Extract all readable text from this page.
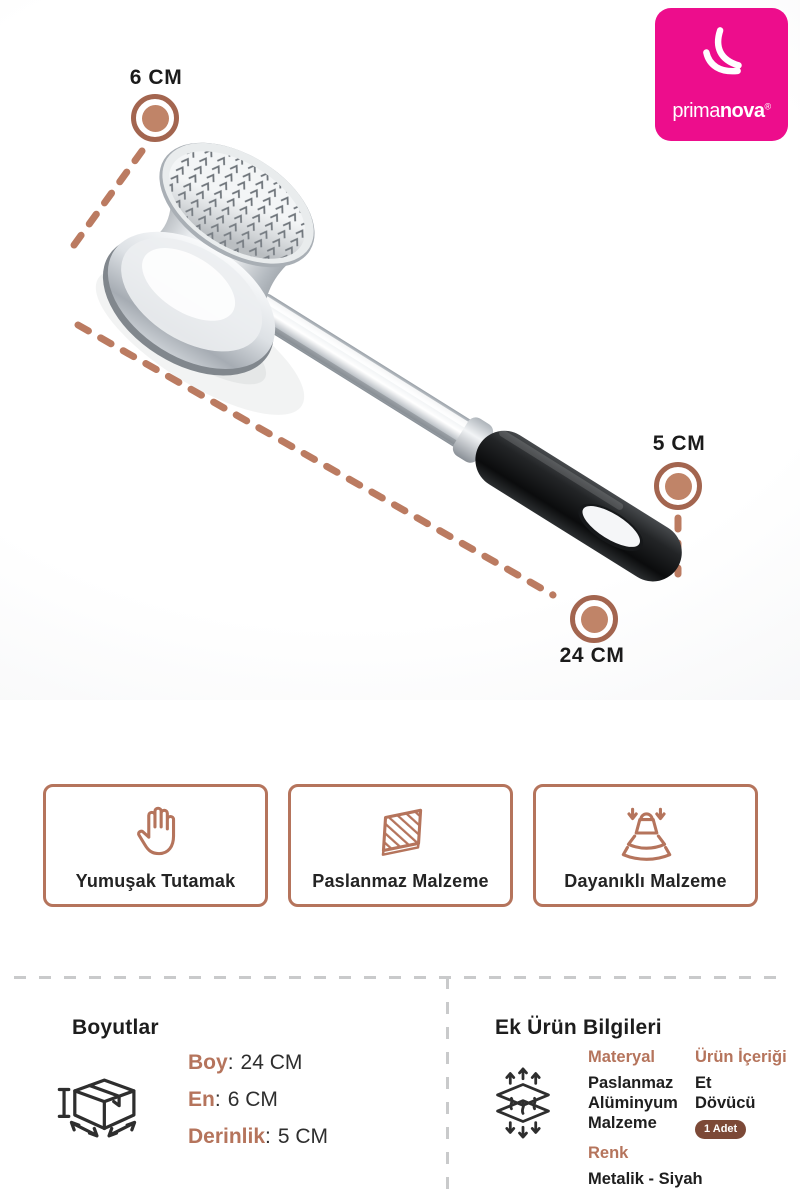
primanova®
6 CM
5 CM
24 CM
Yumuşak Tutamak	Paslanmaz Malzeme	Dayanıklı Malzeme
Boyutlar
Boy: 24 CM
En: 6 CM
Derinlik: 5 CM
Ek Ürün Bilgileri
Materyal
Paslanmaz Alüminyum Malzeme
Renk
Metalik - Siyah
Ürün İçeriği
Et Dövücü
1 Adet
